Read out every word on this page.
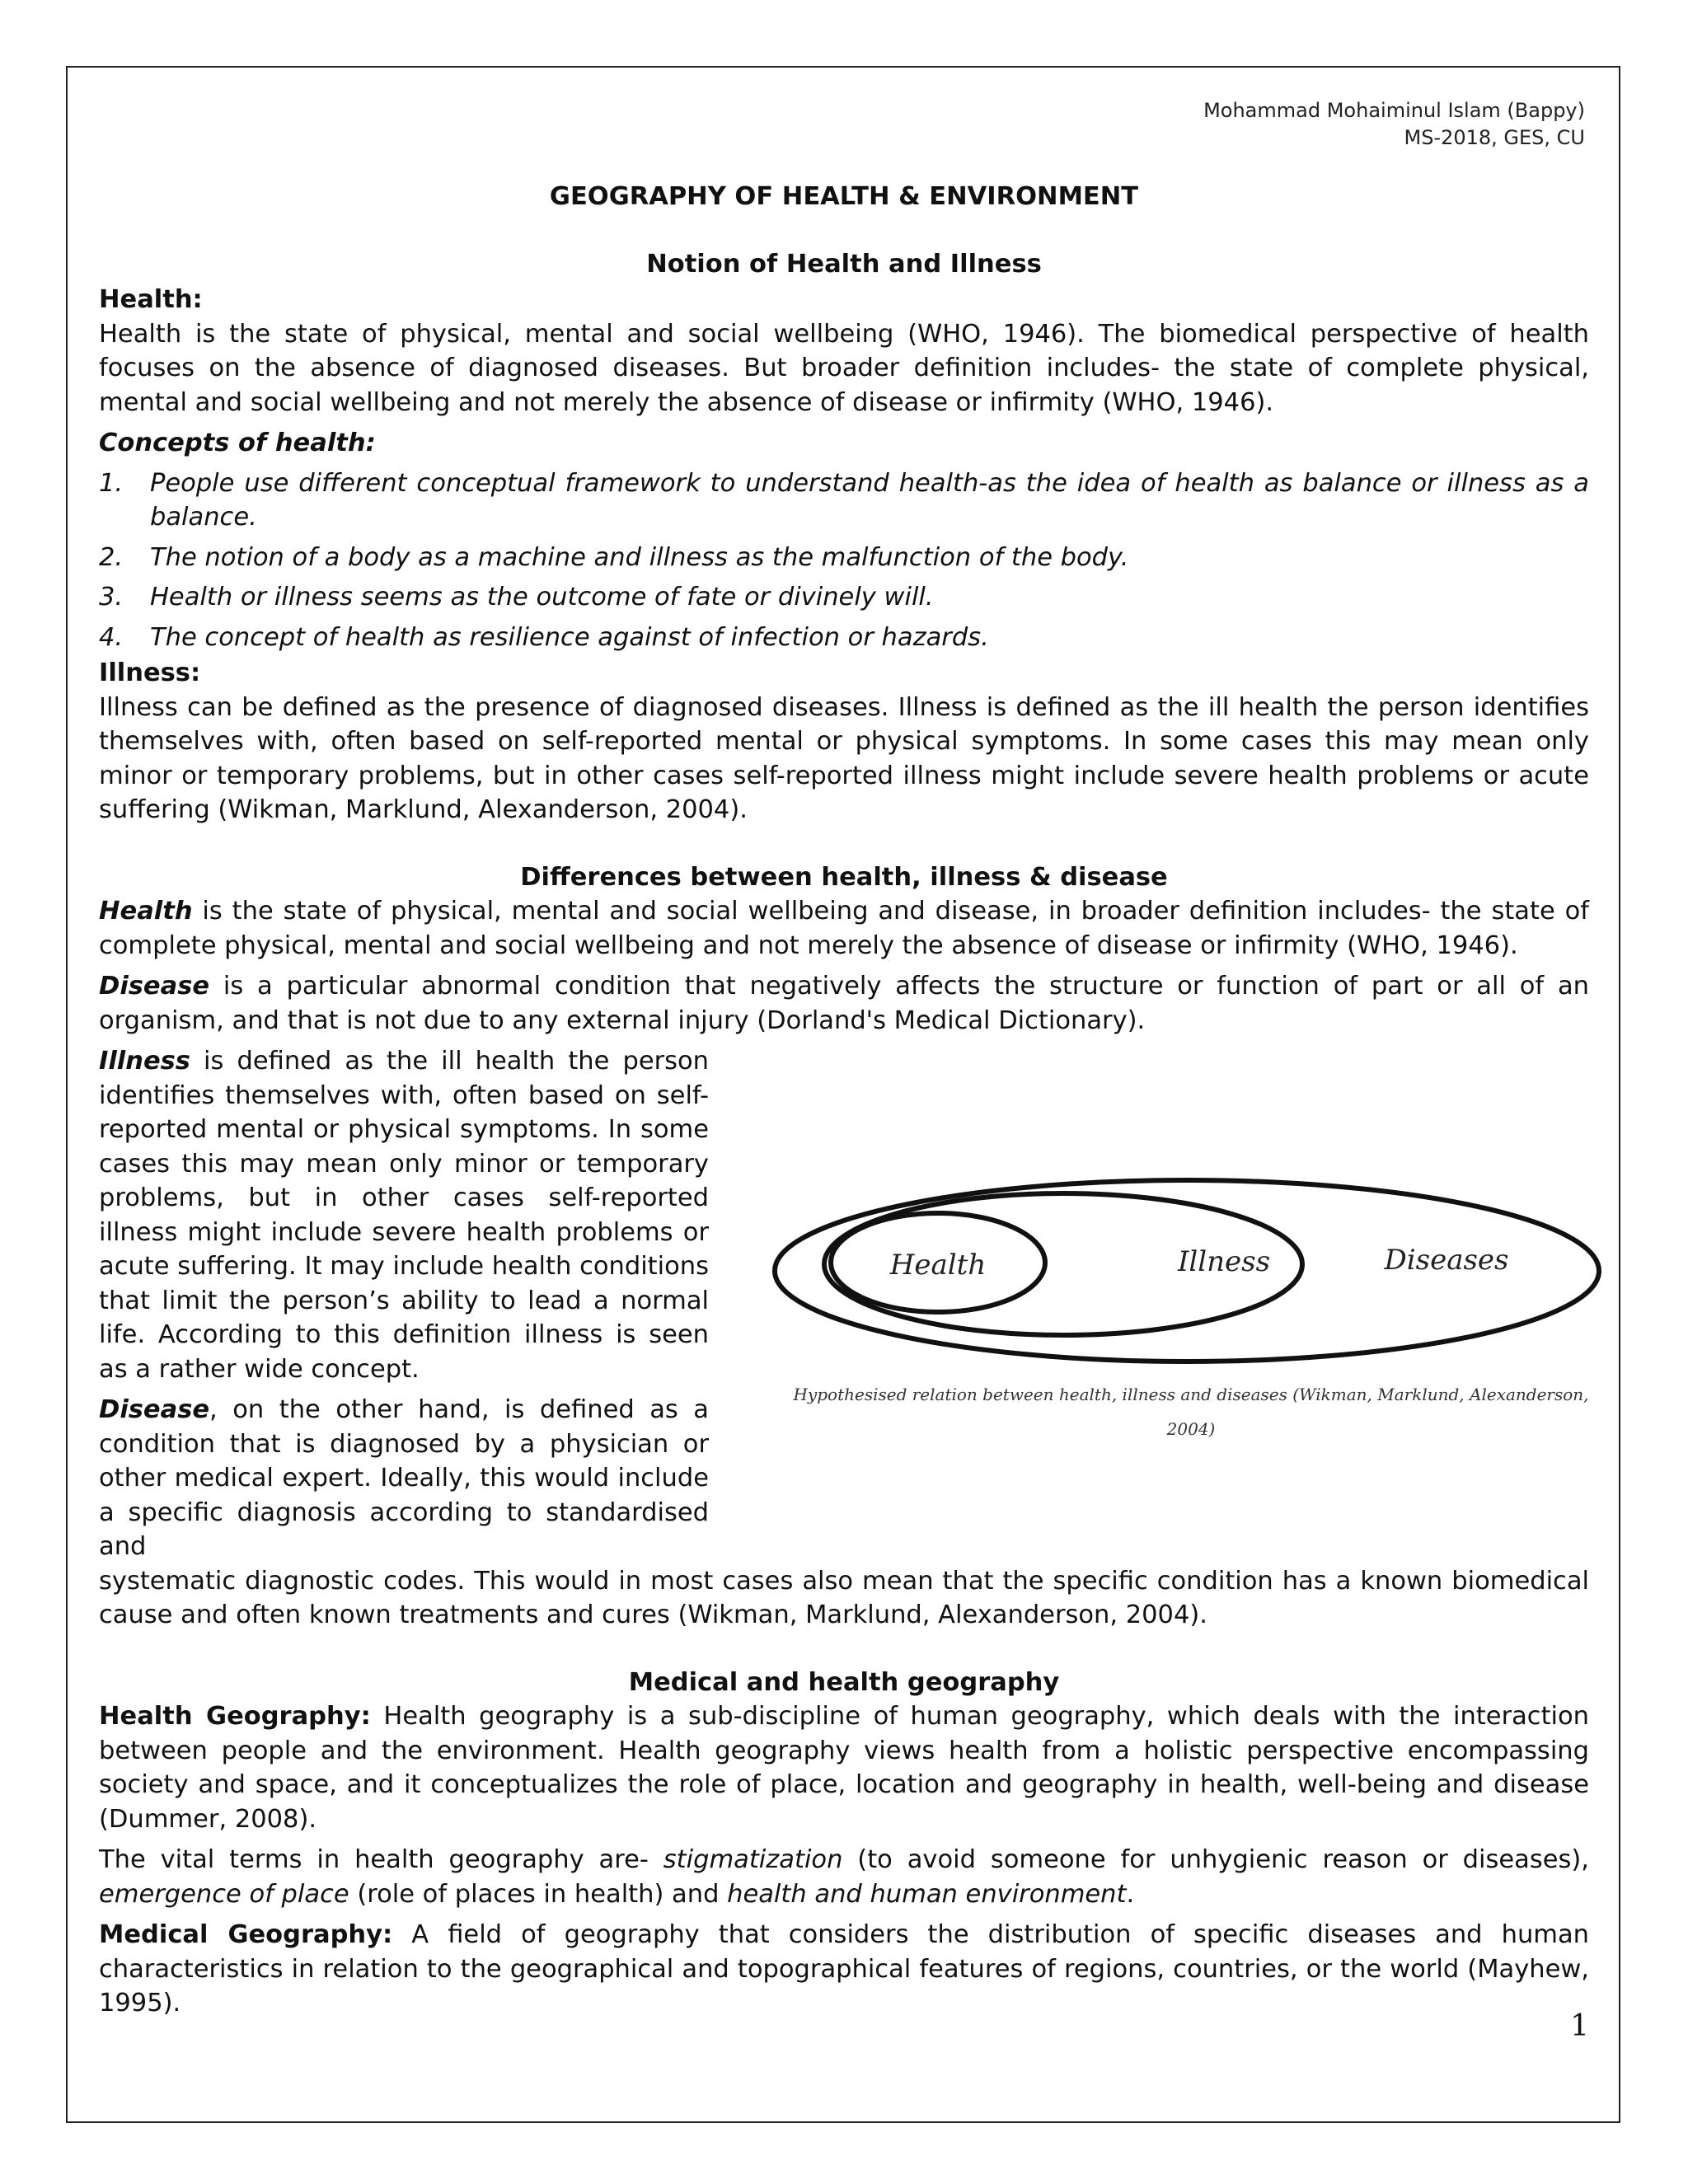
Mohammad Mohaiminul Islam (Bappy)
MS-2018, GES, CU

GEOGRAPHY OF HEALTH & ENVIRONMENT

Notion of Health and Illness

Health:

Health is the state of physical, mental and social wellbeing (WHO, 1946). The biomedical perspective of health focuses on the absence of diagnosed diseases. But broader definition includes- the state of complete physical, mental and social wellbeing and not merely the absence of disease or infirmity (WHO, 1946).

Concepts of health:

1.	People use different conceptual framework to understand health-as the idea of health as balance or illness as a balance.
2.	The notion of a body as a machine and illness as the malfunction of the body.
3.	Health or illness seems as the outcome of fate or divinely will.
4.	The concept of health as resilience against of infection or hazards.

Illness:

Illness can be defined as the presence of diagnosed diseases. Illness is defined as the ill health the person identifies themselves with, often based on self-reported mental or physical symptoms. In some cases this may mean only minor or temporary problems, but in other cases self-reported illness might include severe health problems or acute suffering (Wikman, Marklund, Alexanderson, 2004).

Differences between health, illness & disease

Health is the state of physical, mental and social wellbeing and disease, in broader definition includes- the state of complete physical, mental and social wellbeing and not merely the absence of disease or infirmity (WHO, 1946).

Disease is a particular abnormal condition that negatively affects the structure or function of part or all of an organism, and that is not due to any external injury (Dorland's Medical Dictionary).

Illness is defined as the ill health the person identifies themselves with, often based on self-reported mental or physical symptoms. In some cases this may mean only minor or temporary problems, but in other cases self-reported illness might include severe health problems or acute suffering. It may include health conditions that limit the person’s ability to lead a normal life. According to this definition illness is seen as a rather wide concept.

Disease, on the other hand, is defined as a condition that is diagnosed by a physician or other medical expert. Ideally, this would include a specific diagnosis according to standardised and

Health	Illness	Diseases
Hypothesised relation between health, illness and diseases (Wikman, Marklund, Alexanderson, 2004)

systematic diagnostic codes. This would in most cases also mean that the specific condition has a known biomedical cause and often known treatments and cures (Wikman, Marklund, Alexanderson, 2004).

Medical and health geography

Health Geography: Health geography is a sub-discipline of human geography, which deals with the interaction between people and the environment. Health geography views health from a holistic perspective encompassing society and space, and it conceptualizes the role of place, location and geography in health, well-being and disease (Dummer, 2008).

The vital terms in health geography are- stigmatization (to avoid someone for unhygienic reason or diseases), emergence of place (role of places in health) and health and human environment.

Medical Geography: A field of geography that considers the distribution of specific diseases and human characteristics in relation to the geographical and topographical features of regions, countries, or the world (Mayhew, 1995).

1
